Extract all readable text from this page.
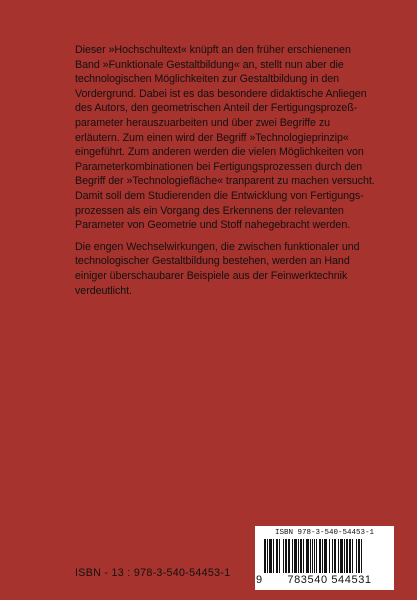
Dieser »Hochschultext« knüpft an den früher erschienenen
Band »Funktionale Gestaltbildung« an, stellt nun aber die
technologischen Möglichkeiten zur Gestaltbildung in den
Vordergrund. Dabei ist es das besondere didaktische Anliegen
des Autors, den geometrischen Anteil der Fertigungsprozeß-
parameter herauszuarbeiten und über zwei Begriffe zu
erläutern. Zum einen wird der Begriff »Technologieprinzip«
eingeführt. Zum anderen werden die vielen Möglichkeiten von
Parameterkombinationen bei Fertigungsprozessen durch den
Begriff der »Technologiefläche« tranparent zu machen versucht.
Damit soll dem Studierenden die Entwicklung von Fertigungs-
prozessen als ein Vorgang des Erkennens der relevanten
Parameter von Geometrie und Stoff nahegebracht werden.

Die engen Wechselwirkungen, die zwischen funktionaler und
technologischer Gestaltbildung bestehen, werden an Hand
einiger überschaubarer Beispiele aus der Feinwerktechnik
verdeutlicht.

ISBN - 13 : 978-3-540-54453-1
ISBN 978-3-540-54453-1
9	783540 544531
